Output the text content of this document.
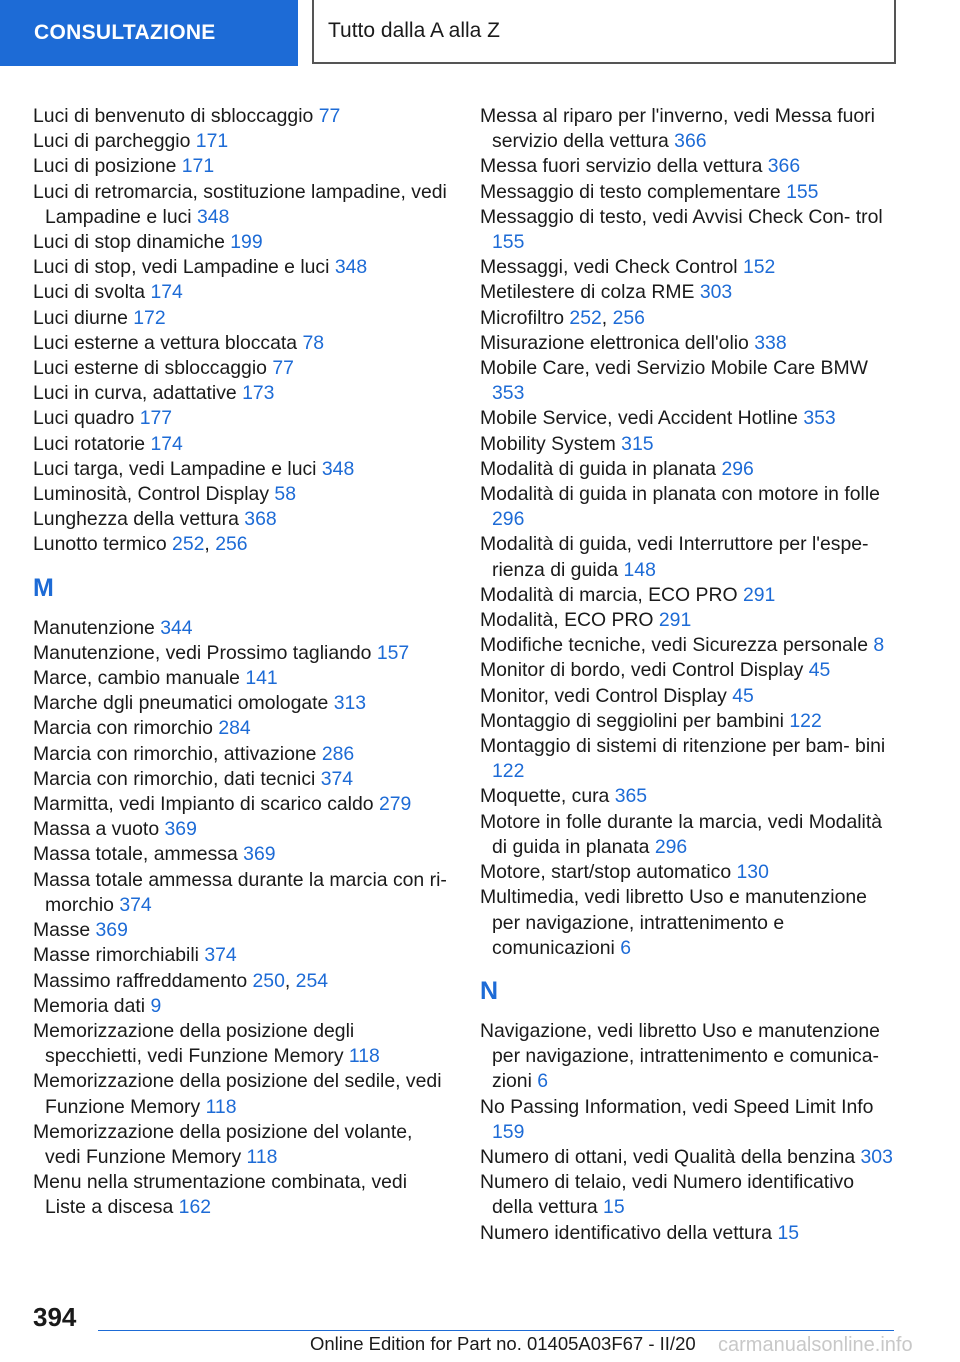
CONSULTAZIONE	Tutto dalla A alla Z
Luci di benvenuto di sbloccaggio 77
Luci di parcheggio 171
Luci di posizione 171
Luci di retromarcia, sostituzione lampadine, vedi Lampadine e luci 348
Luci di stop dinamiche 199
Luci di stop, vedi Lampadine e luci 348
Luci di svolta 174
Luci diurne 172
Luci esterne a vettura bloccata 78
Luci esterne di sbloccaggio 77
Luci in curva, adattative 173
Luci quadro 177
Luci rotatorie 174
Luci targa, vedi Lampadine e luci 348
Luminosità, Control Display 58
Lunghezza della vettura 368
Lunotto termico 252, 256
M
Manutenzione 344
Manutenzione, vedi Prossimo tagliando 157
Marce, cambio manuale 141
Marche dgli pneumatici omologate 313
Marcia con rimorchio 284
Marcia con rimorchio, attivazione 286
Marcia con rimorchio, dati tecnici 374
Marmitta, vedi Impianto di scarico caldo 279
Massa a vuoto 369
Massa totale, ammessa 369
Massa totale ammessa durante la marcia con ri- morchio 374
Masse 369
Masse rimorchiabili 374
Massimo raffreddamento 250, 254
Memoria dati 9
Memorizzazione della posizione degli specchietti, vedi Funzione Memory 118
Memorizzazione della posizione del sedile, vedi Funzione Memory 118
Memorizzazione della posizione del volante, vedi Funzione Memory 118
Menu nella strumentazione combinata, vedi Liste a discesa 162
Messa al riparo per l'inverno, vedi Messa fuori servizio della vettura 366
Messa fuori servizio della vettura 366
Messaggio di testo complementare 155
Messaggio di testo, vedi Avvisi Check Con- trol 155
Messaggi, vedi Check Control 152
Metilestere di colza RME 303
Microfiltro 252, 256
Misurazione elettronica dell'olio 338
Mobile Care, vedi Servizio Mobile Care BMW 353
Mobile Service, vedi Accident Hotline 353
Mobility System 315
Modalità di guida in planata 296
Modalità di guida in planata con motore in folle 296
Modalità di guida, vedi Interruttore per l'espe- rienza di guida 148
Modalità di marcia, ECO PRO 291
Modalità, ECO PRO 291
Modifiche tecniche, vedi Sicurezza personale 8
Monitor di bordo, vedi Control Display 45
Monitor, vedi Control Display 45
Montaggio di seggiolini per bambini 122
Montaggio di sistemi di ritenzione per bam- bini 122
Moquette, cura 365
Motore in folle durante la marcia, vedi Modalità di guida in planata 296
Motore, start/stop automatico 130
Multimedia, vedi libretto Uso e manutenzione per navigazione, intrattenimento e comunicazioni 6
N
Navigazione, vedi libretto Uso e manutenzione per navigazione, intrattenimento e comunica- zioni 6
No Passing Information, vedi Speed Limit Info 159
Numero di ottani, vedi Qualità della benzina 303
Numero di telaio, vedi Numero identificativo della vettura 15
Numero identificativo della vettura 15
394
Online Edition for Part no. 01405A03F67 - II/20	carmanualsonline.info
